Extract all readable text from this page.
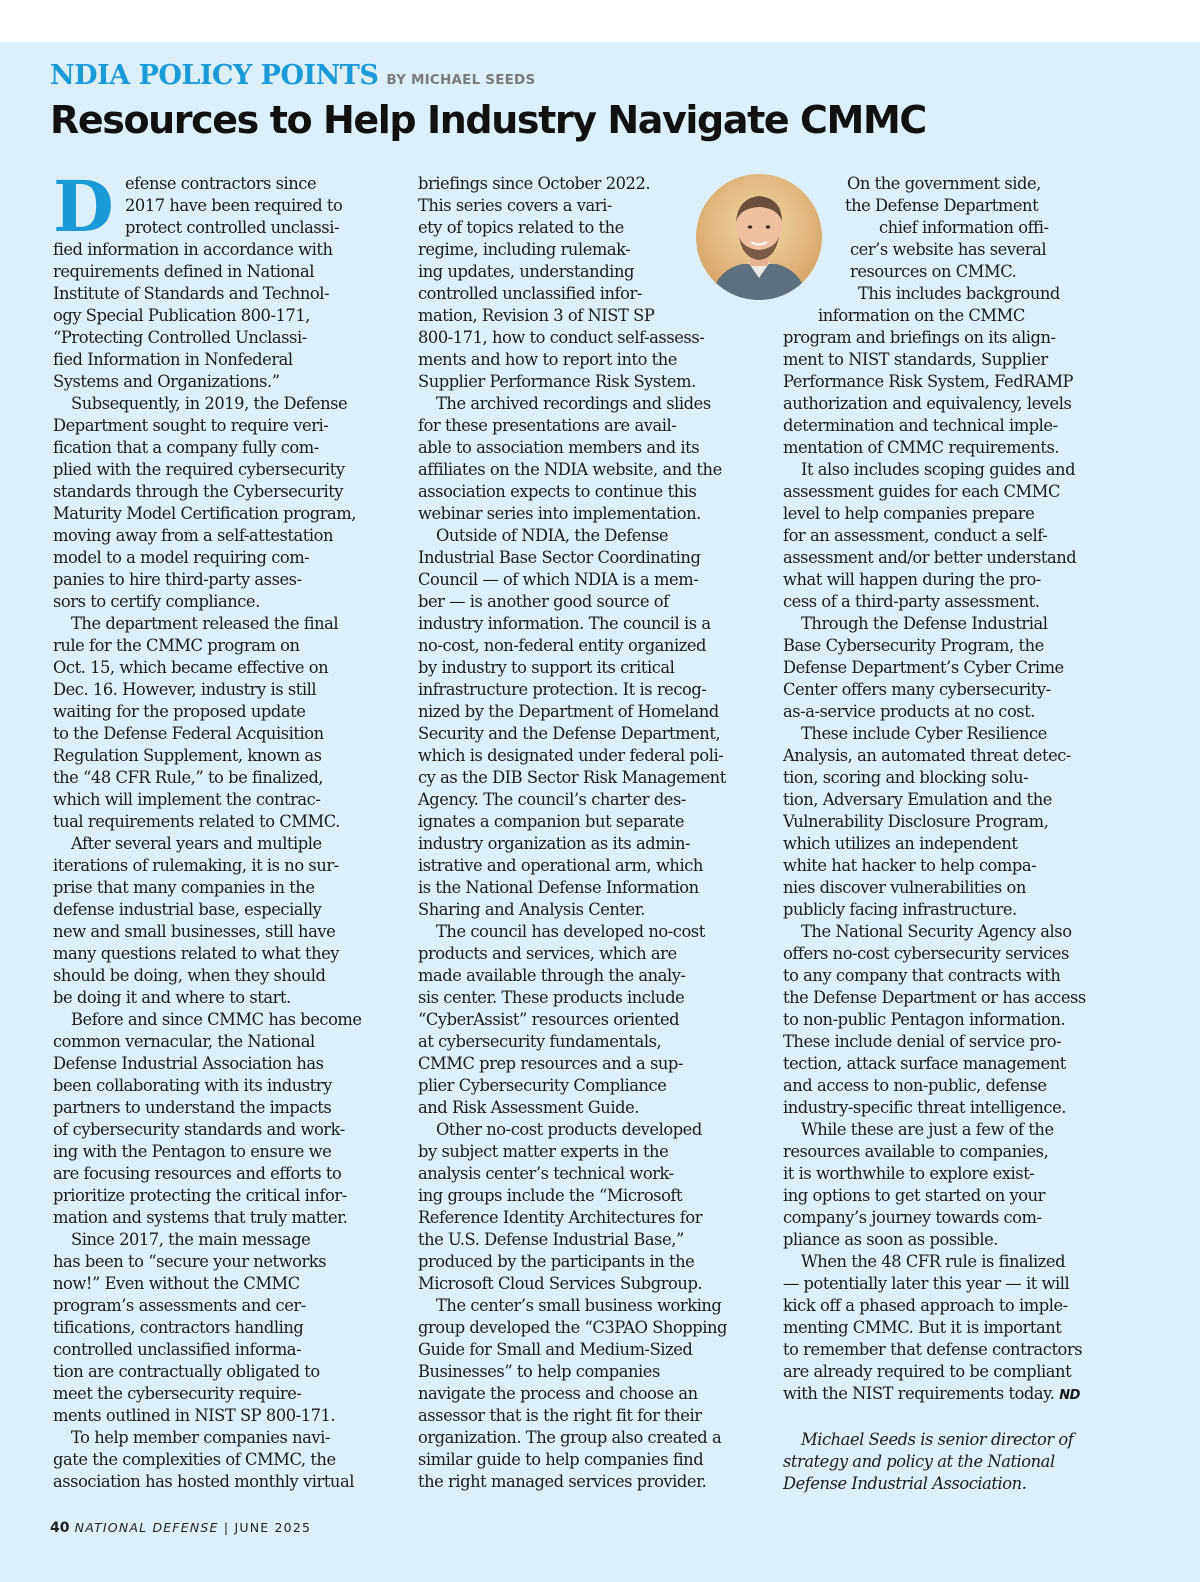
NDIA POLICY POINTS BY MICHAEL SEEDS
Resources to Help Industry Navigate CMMC
D efense contractors since

2017 have been required to

protect controlled unclassi-

fied information in accordance with

requirements defined in National

Institute of Standards and Technol-

ogy Special Publication 800-171,

“Protecting Controlled Unclassi-

fied Information in Nonfederal

Systems and Organizations.”

Subsequently, in 2019, the Defense

Department sought to require veri-

fication that a company fully com-

plied with the required cybersecurity

standards through the Cybersecurity

Maturity Model Certification program,

moving away from a self-attestation

model to a model requiring com-

panies to hire third-party asses-

sors to certify compliance.

The department released the final

rule for the CMMC program on

Oct. 15, which became effective on

Dec. 16. However, industry is still

waiting for the proposed update

to the Defense Federal Acquisition

Regulation Supplement, known as

the “48 CFR Rule,” to be finalized,

which will implement the contrac-

tual requirements related to CMMC.

After several years and multiple

iterations of rulemaking, it is no sur-

prise that many companies in the

defense industrial base, especially

new and small businesses, still have

many questions related to what they

should be doing, when they should

be doing it and where to start.

Before and since CMMC has become

common vernacular, the National

Defense Industrial Association has

been collaborating with its industry

partners to understand the impacts

of cybersecurity standards and work-

ing with the Pentagon to ensure we

are focusing resources and efforts to

prioritize protecting the critical infor-

mation and systems that truly matter.

Since 2017, the main message

has been to “secure your networks

now!” Even without the CMMC

program’s assessments and cer-

tifications, contractors handling

controlled unclassified informa-

tion are contractually obligated to

meet the cybersecurity require-

ments outlined in NIST SP 800-171.

To help member companies navi-

gate the complexities of CMMC, the

association has hosted monthly virtual

briefings since October 2022.

This series covers a vari-

ety of topics related to the

regime, including rulemak-

ing updates, understanding

controlled unclassified infor-

mation, Revision 3 of NIST SP

800-171, how to conduct self-assess-

ments and how to report into the

Supplier Performance Risk System.

The archived recordings and slides

for these presentations are avail-

able to association members and its

affiliates on the NDIA website, and the

association expects to continue this

webinar series into implementation.

Outside of NDIA, the Defense

Industrial Base Sector Coordinating

Council — of which NDIA is a mem-

ber — is another good source of

industry information. The council is a

no-cost, non-federal entity organized

by industry to support its critical

infrastructure protection. It is recog-

nized by the Department of Homeland

Security and the Defense Department,

which is designated under federal poli-

cy as the DIB Sector Risk Management

Agency. The council’s charter des-

ignates a companion but separate

industry organization as its admin-

istrative and operational arm, which

is the National Defense Information

Sharing and Analysis Center.

The council has developed no-cost

products and services, which are

made available through the analy-

sis center. These products include

“CyberAssist” resources oriented

at cybersecurity fundamentals,

CMMC prep resources and a sup-

plier Cybersecurity Compliance

and Risk Assessment Guide.

Other no-cost products developed

by subject matter experts in the

analysis center’s technical work-

ing groups include the “Microsoft

Reference Identity Architectures for

the U.S. Defense Industrial Base,”

produced by the participants in the

Microsoft Cloud Services Subgroup.

The center’s small business working

group developed the “C3PAO Shopping

Guide for Small and Medium-Sized

Businesses” to help companies

navigate the process and choose an

assessor that is the right fit for their

organization. The group also created a

similar guide to help companies find

the right managed services provider.

On the government side,

the Defense Department

chief information offi-

cer’s website has several

resources on CMMC.

This includes background

information on the CMMC

program and briefings on its align-

ment to NIST standards, Supplier

Performance Risk System, FedRAMP

authorization and equivalency, levels

determination and technical imple-

mentation of CMMC requirements.

It also includes scoping guides and

assessment guides for each CMMC

level to help companies prepare

for an assessment, conduct a self-

assessment and/or better understand

what will happen during the pro-

cess of a third-party assessment.

Through the Defense Industrial

Base Cybersecurity Program, the

Defense Department’s Cyber Crime

Center offers many cybersecurity-

as-a-service products at no cost.

These include Cyber Resilience

Analysis, an automated threat detec-

tion, scoring and blocking solu-

tion, Adversary Emulation and the

Vulnerability Disclosure Program,

which utilizes an independent

white hat hacker to help compa-

nies discover vulnerabilities on

publicly facing infrastructure.

The National Security Agency also

offers no-cost cybersecurity services

to any company that contracts with

the Defense Department or has access

to non-public Pentagon information.

These include denial of service pro-

tection, attack surface management

and access to non-public, defense

industry-specific threat intelligence.

While these are just a few of the

resources available to companies,

it is worthwhile to explore exist-

ing options to get started on your

company’s journey towards com-

pliance as soon as possible.

When the 48 CFR rule is finalized

— potentially later this year — it will

kick off a phased approach to imple-

menting CMMC. But it is important

to remember that defense contractors

are already required to be compliant

with the NIST requirements today. ND

Michael Seeds is senior director of

strategy and policy at the National

Defense Industrial Association.

40 NATIONAL DEFENSE | JUNE 2025
